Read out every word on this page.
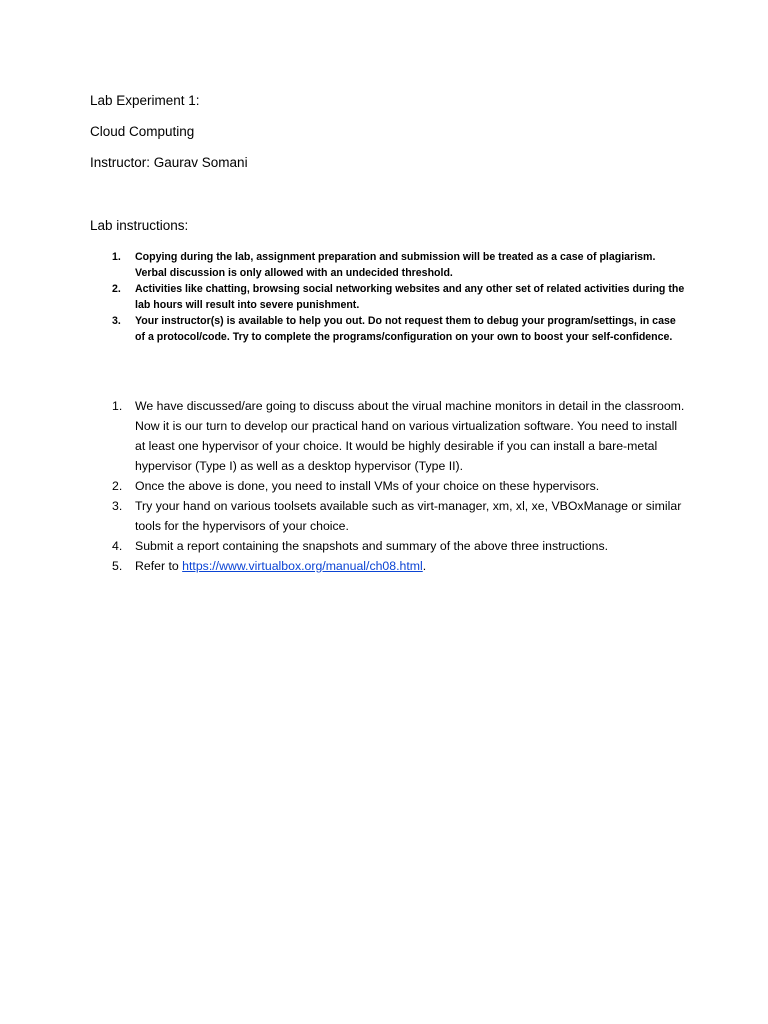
Lab Experiment 1:
Cloud Computing
Instructor: Gaurav Somani
Lab instructions:
1. Copying during the lab, assignment preparation and submission will be treated as a case of plagiarism. Verbal discussion is only allowed with an undecided threshold.
2. Activities like chatting, browsing social networking websites and any other set of related activities during the lab hours will result into severe punishment.
3. Your instructor(s) is available to help you out. Do not request them to debug your program/settings, in case of a protocol/code. Try to complete the programs/configuration on your own to boost your self-confidence.
1. We have discussed/are going to discuss about the virual machine monitors in detail in the classroom. Now it is our turn to develop our practical hand on various virtualization software. You need to install at least one hypervisor of your choice. It would be highly desirable if you can install a bare-metal hypervisor (Type I) as well as a desktop hypervisor (Type II).
2. Once the above is done, you need to install VMs of your choice on these hypervisors.
3. Try your hand on various toolsets available such as virt-manager, xm, xl, xe, VBOxManage or similar tools for the hypervisors of your choice.
4. Submit a report containing the snapshots and summary of the above three instructions.
5. Refer to https://www.virtualbox.org/manual/ch08.html.
